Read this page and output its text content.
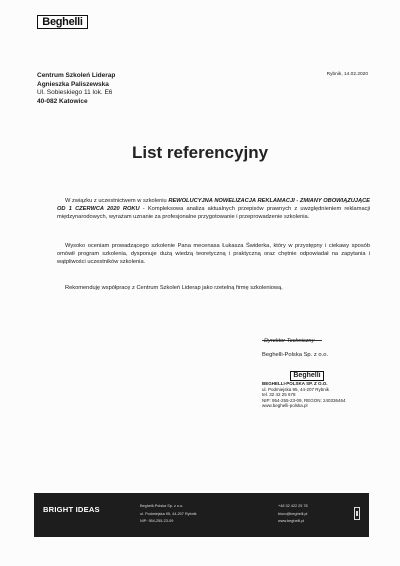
Beghelli
Centrum Szkoleń Liderap
Agnieszka Paliszewska
Ul. Sobieskiego 11 lok. E6
40-082 Katowice
Rybnik, 14.02.2020
List referencyjny
W związku z uczestnictwem w szkoleniu REWOLUCYJNA NOWELIZACJA REKLAMACJI - ZMIANY OBOWIĄZUJĄCE OD 1 CZERWCA 2020 ROKU - Kompleksowa analiza aktualnych przepisów prawnych z uwzględnieniem reklamacji międzynarodowych, wyrażam uznanie za profesjonalne przygotowanie i przeprowadzenie szkolenia.
Wysoko oceniam prowadzącego szkolenie Pana mecenasa Łukasza Świderka, który w przystępny i ciekawy sposób omówił program szkolenia, dysponuje dużą wiedzą teoretyczną i praktyczną oraz chętnie odpowiadał na zapytania i wątpliwości uczestników szkolenia.
Rekomenduję współpracę z Centrum Szkoleń Liderap jako rzetelną firmę szkoleniową.
Dyrektor Techniczny
Beghelli-Polska Sp. z o.o.
Beghelli
BEGHELLI-POLSKA SP. Z O.O.
ul. Podmiejska 95, 44-207 Rybnik
tel. 32 42 25 678
NIP: 954-255-23-09, REGON: 240336464
www.beghelli-polska.pl
BRIGHT IDEAS	Beghelli-Polska Sp. z o.o.
ul. Podmiejska 95, 44-207 Rybnik
NIP: 954-255-23-09
+48 32 422 25 78
biuro@beghelli.pl
www.beghelli.pl
